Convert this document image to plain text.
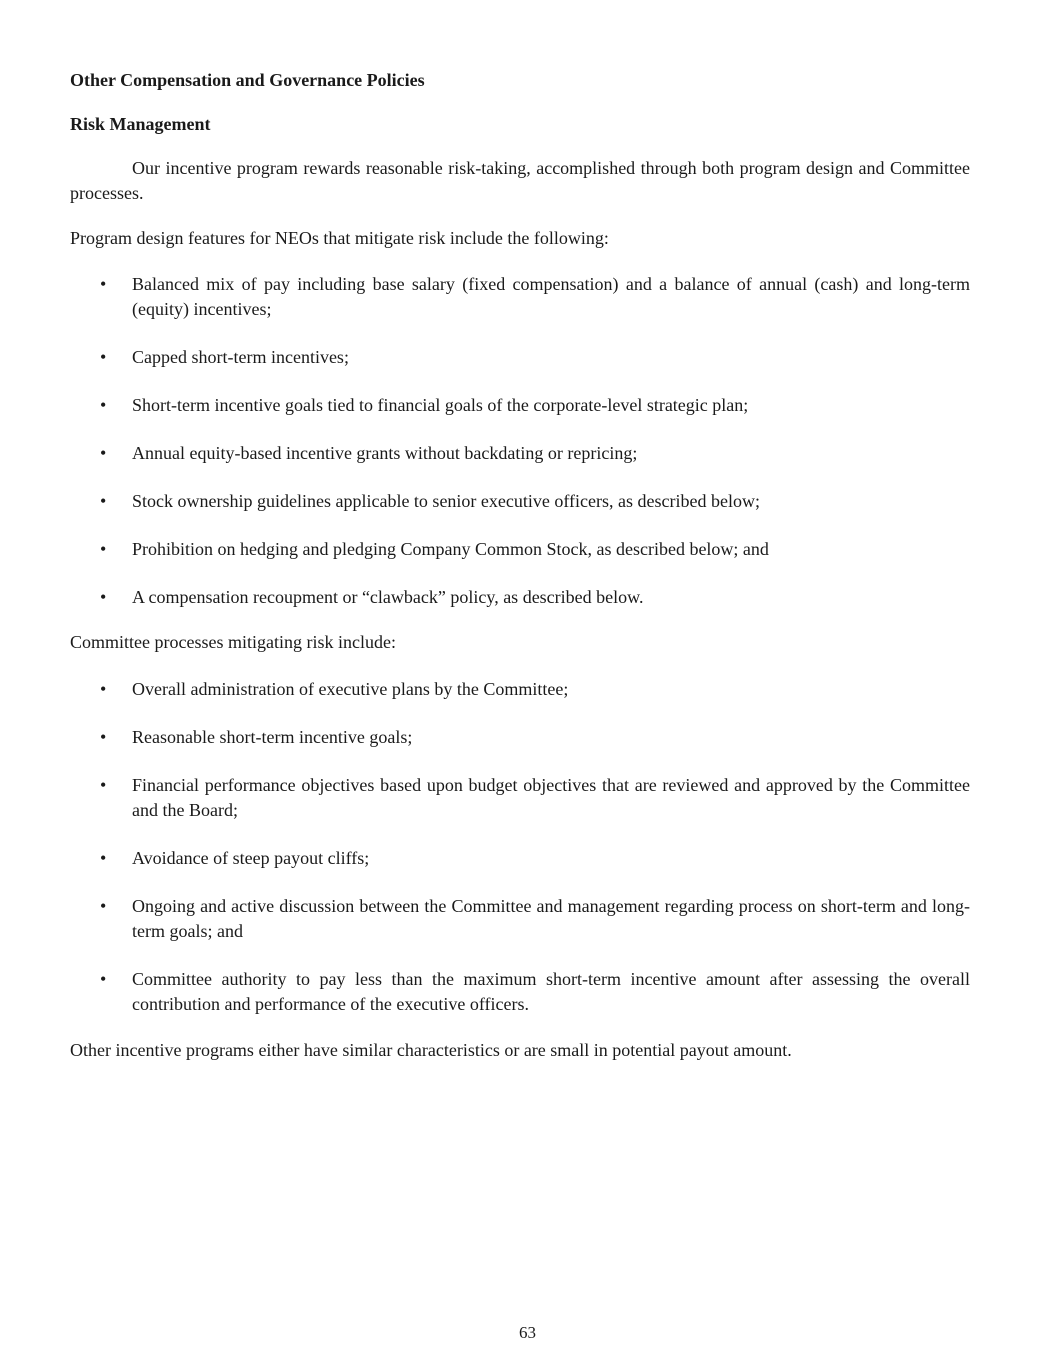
Other Compensation and Governance Policies

Risk Management

Our incentive program rewards reasonable risk-taking, accomplished through both program design and Committee processes.

Program design features for NEOs that mitigate risk include the following:

• Balanced mix of pay including base salary (fixed compensation) and a balance of annual (cash) and long-term (equity) incentives;
• Capped short-term incentives;
• Short-term incentive goals tied to financial goals of the corporate-level strategic plan;
• Annual equity-based incentive grants without backdating or repricing;
• Stock ownership guidelines applicable to senior executive officers, as described below;
• Prohibition on hedging and pledging Company Common Stock, as described below; and
• A compensation recoupment or “clawback” policy, as described below.

Committee processes mitigating risk include:

• Overall administration of executive plans by the Committee;
• Reasonable short-term incentive goals;
• Financial performance objectives based upon budget objectives that are reviewed and approved by the Committee and the Board;
• Avoidance of steep payout cliffs;
• Ongoing and active discussion between the Committee and management regarding process on short-term and long-term goals; and
• Committee authority to pay less than the maximum short-term incentive amount after assessing the overall contribution and performance of the executive officers.

Other incentive programs either have similar characteristics or are small in potential payout amount.

63
